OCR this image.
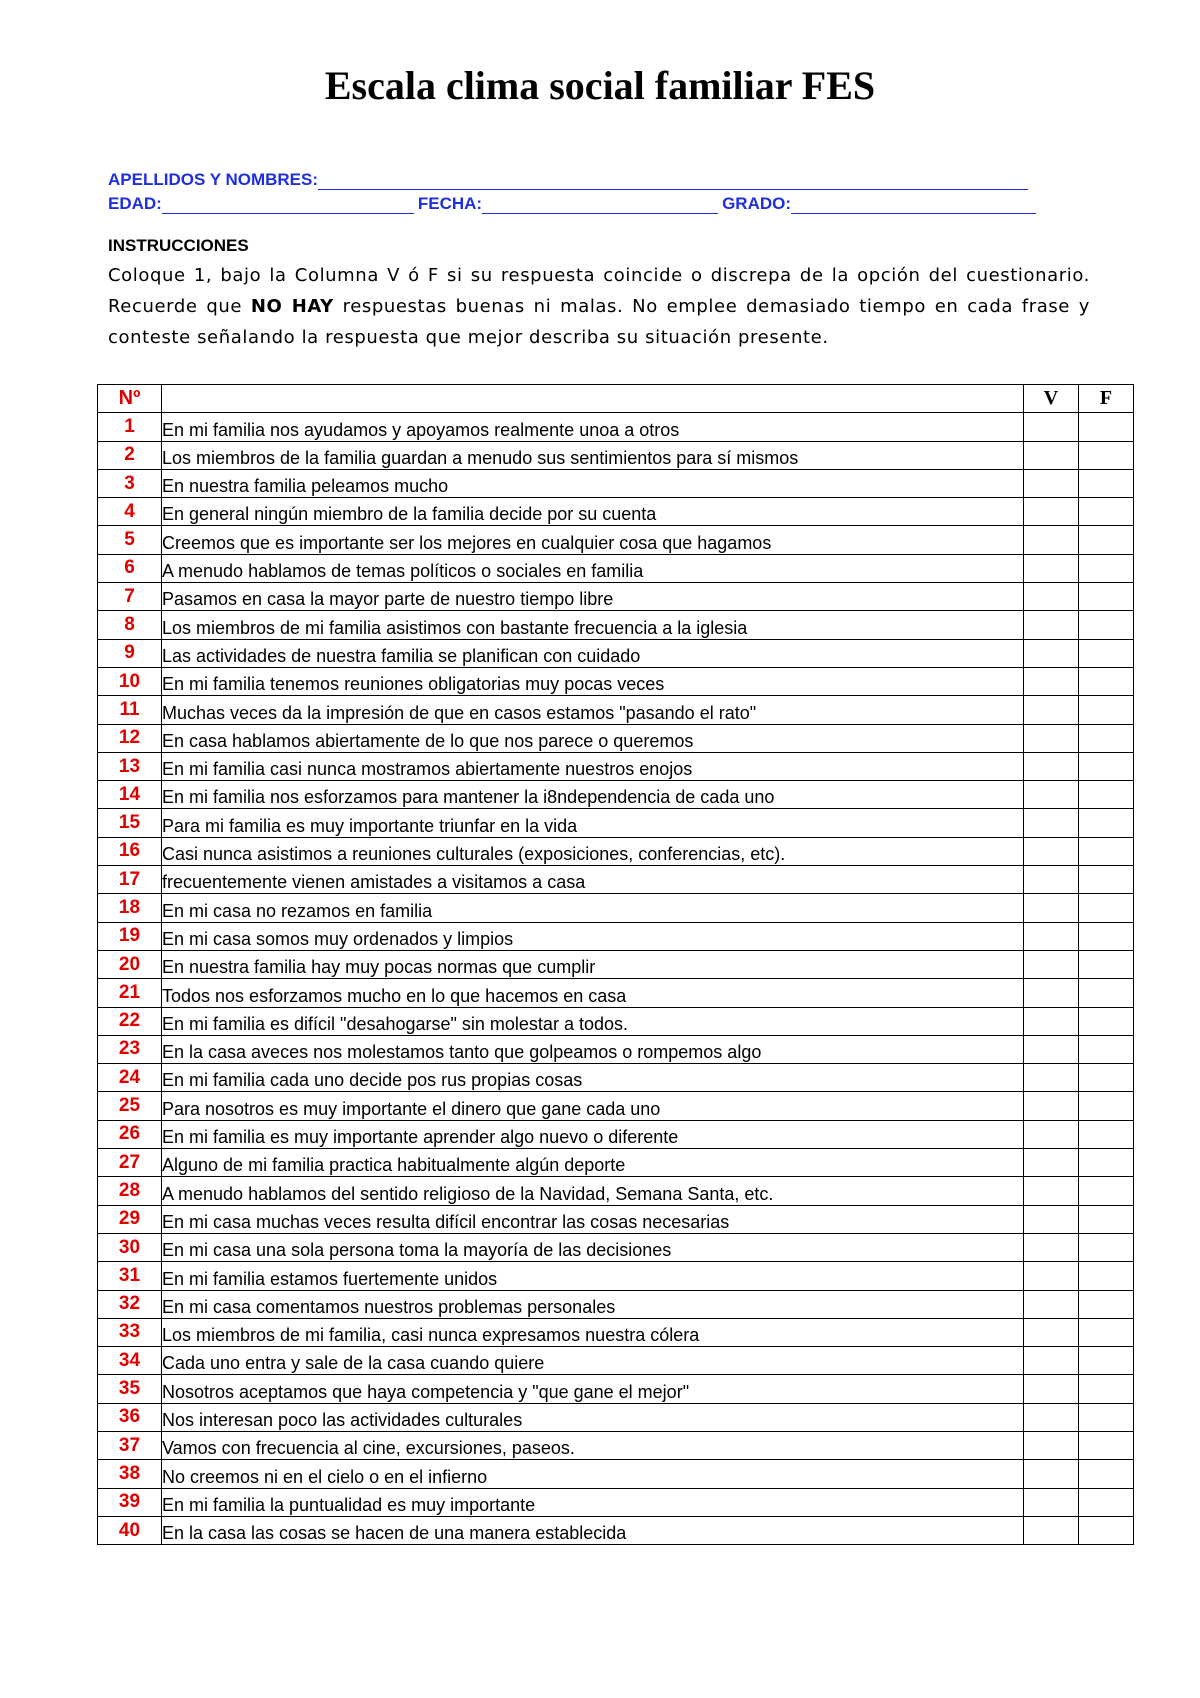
Escala clima social familiar FES
APELLIDOS Y NOMBRES:
EDAD:	FECHA:	GRADO:
INSTRUCCIONES

Coloque 1, bajo la Columna V ó F si su respuesta coincide o discrepa de la opción del cuestionario. Recuerde que NO HAY respuestas buenas ni malas. No emplee demasiado tiempo en cada frase y conteste señalando la respuesta que mejor describa su situación presente.

Nº		V	F
1	En mi familia nos ayudamos y apoyamos realmente unoa a otros		
2	Los miembros de la familia guardan a menudo sus sentimientos para sí mismos		
3	En nuestra familia peleamos mucho		
4	En general ningún miembro de la familia decide por su cuenta		
5	Creemos que es importante ser los mejores en cualquier cosa que hagamos		
6	A menudo hablamos de temas políticos o sociales en familia		
7	Pasamos en casa la mayor parte de nuestro tiempo libre		
8	Los miembros de mi familia asistimos con bastante frecuencia a la iglesia		
9	Las actividades de nuestra familia se planifican con cuidado		
10	En mi familia tenemos reuniones obligatorias muy pocas veces		
11	Muchas veces da la impresión de que en casos estamos "pasando el rato"		
12	En casa hablamos abiertamente de lo que nos parece o queremos		
13	En mi familia casi nunca mostramos abiertamente nuestros enojos		
14	En mi familia nos esforzamos para mantener la i8ndependencia de cada uno		
15	Para mi familia es muy importante triunfar en la vida		
16	Casi nunca asistimos a reuniones culturales (exposiciones, conferencias, etc).		
17	frecuentemente vienen amistades a visitamos a casa		
18	En mi casa no rezamos en familia		
19	En mi casa somos muy ordenados y limpios		
20	En nuestra familia hay muy pocas normas que cumplir		
21	Todos nos esforzamos mucho en lo que hacemos en casa		
22	En mi familia es difícil "desahogarse" sin molestar a todos.		
23	En la casa aveces nos molestamos tanto que golpeamos o rompemos algo		
24	En mi familia cada uno decide pos rus propias cosas		
25	Para nosotros es muy importante el dinero que gane cada uno		
26	En mi familia es muy importante aprender algo nuevo o diferente		
27	Alguno de mi familia practica habitualmente algún deporte		
28	A menudo hablamos del sentido religioso de la Navidad, Semana Santa, etc.		
29	En mi casa muchas veces resulta difícil encontrar las cosas necesarias		
30	En mi casa una sola persona toma la mayoría de las decisiones		
31	En mi familia estamos fuertemente unidos		
32	En mi casa comentamos nuestros problemas personales		
33	Los miembros de mi familia, casi nunca expresamos nuestra cólera		
34	Cada uno entra y sale de la casa cuando quiere		
35	Nosotros aceptamos que haya competencia y "que gane el mejor"		
36	Nos interesan poco las actividades culturales		
37	Vamos con frecuencia al cine, excursiones, paseos.		
38	No creemos ni en el cielo o en el infierno		
39	En mi familia la puntualidad es muy importante		
40	En la casa las cosas se hacen de una manera establecida		
